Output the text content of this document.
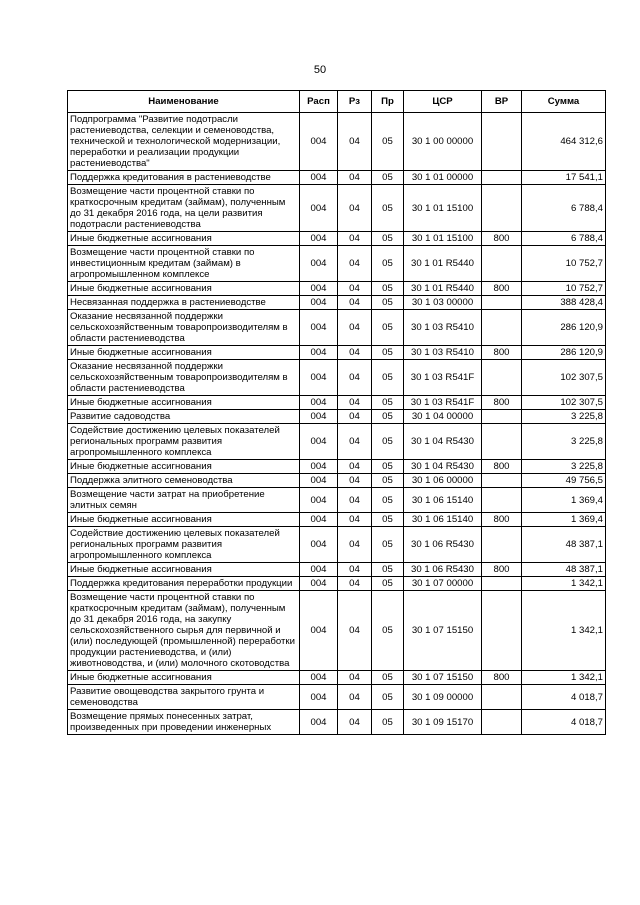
50
Наименование	Расп	Рз	Пр	ЦСР	ВР	Сумма
Подпрограмма "Развитие подотрасли растениеводства, селекции и семеноводства, технической и технологической модернизации, переработки и реализации продукции растениеводства"	004	04	05	30 1 00 00000		464 312,6
Поддержка кредитования в растениеводстве	004	04	05	30 1 01 00000		17 541,1
Возмещение части процентной ставки по краткосрочным кредитам (займам), полученным до 31 декабря 2016 года, на цели развития подотрасли растениеводства	004	04	05	30 1 01 15100		6 788,4
Иные бюджетные ассигнования	004	04	05	30 1 01 15100	800	6 788,4
Возмещение части процентной ставки по инвестиционным кредитам (займам) в агропромышленном комплексе	004	04	05	30 1 01 R5440		10 752,7
Иные бюджетные ассигнования	004	04	05	30 1 01 R5440	800	10 752,7
Несвязанная поддержка в растениеводстве	004	04	05	30 1 03 00000		388 428,4
Оказание несвязанной поддержки сельскохозяйственным товаропроизводителям в области растениеводства	004	04	05	30 1 03 R5410		286 120,9
Иные бюджетные ассигнования	004	04	05	30 1 03 R5410	800	286 120,9
Оказание несвязанной поддержки сельскохозяйственным товаропроизводителям в области растениеводства	004	04	05	30 1 03 R541F		102 307,5
Иные бюджетные ассигнования	004	04	05	30 1 03 R541F	800	102 307,5
Развитие садоводства	004	04	05	30 1 04 00000		3 225,8
Содействие достижению целевых показателей региональных программ развития агропромышленного комплекса	004	04	05	30 1 04 R5430		3 225,8
Иные бюджетные ассигнования	004	04	05	30 1 04 R5430	800	3 225,8
Поддержка элитного семеноводства	004	04	05	30 1 06 00000		49 756,5
Возмещение части затрат на приобретение элитных семян	004	04	05	30 1 06 15140		1 369,4
Иные бюджетные ассигнования	004	04	05	30 1 06 15140	800	1 369,4
Содействие достижению целевых показателей региональных программ развития агропромышленного комплекса	004	04	05	30 1 06 R5430		48 387,1
Иные бюджетные ассигнования	004	04	05	30 1 06 R5430	800	48 387,1
Поддержка кредитования переработки продукции	004	04	05	30 1 07 00000		1 342,1
Возмещение части процентной ставки по краткосрочным кредитам (займам), полученным до 31 декабря 2016 года, на закупку сельскохозяйственного сырья для первичной и (или) последующей (промышленной) переработки продукции растениеводства, и (или) животноводства, и (или) молочного скотоводства	004	04	05	30 1 07 15150		1 342,1
Иные бюджетные ассигнования	004	04	05	30 1 07 15150	800	1 342,1
Развитие овощеводства закрытого грунта и семеноводства	004	04	05	30 1 09 00000		4 018,7
Возмещение прямых понесенных затрат, произведенных при проведении инженерных	004	04	05	30 1 09 15170		4 018,7
